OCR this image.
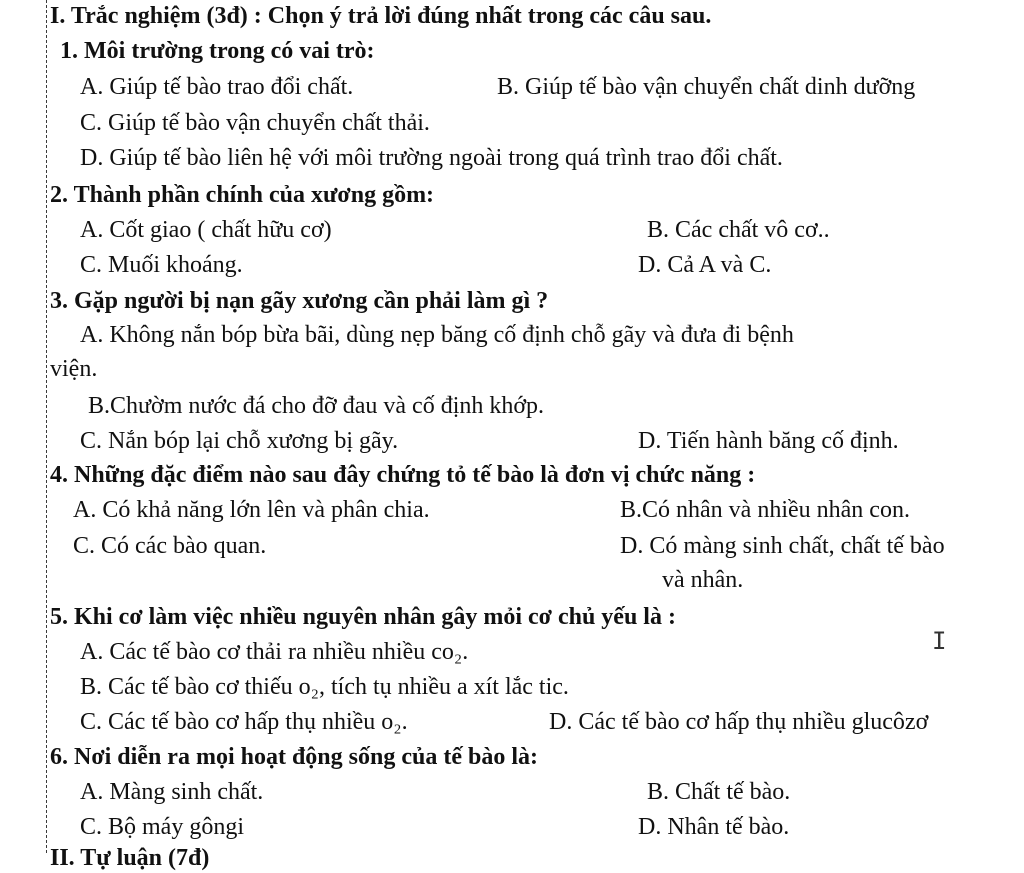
I. Trắc nghiệm (3đ) : Chọn ý trả lời đúng nhất trong các câu sau.
1. Môi trường trong có vai trò:
A. Giúp tế bào trao đổi chất.	B. Giúp tế bào vận chuyển chất dinh dưỡng
C. Giúp tế bào vận chuyển chất thải.
D. Giúp tế bào liên hệ với môi trường ngoài trong quá trình trao đổi chất.
2. Thành phần chính của xương gồm:
A. Cốt giao ( chất hữu cơ)	B. Các chất vô cơ..
C. Muối khoáng.	D. Cả A và C.
3. Gặp người bị nạn gãy xương cần phải làm gì ?
A. Không nắn bóp bừa bãi, dùng nẹp băng cố định chỗ gãy và đưa đi bệnh
viện.
B.Chườm nước đá cho đỡ đau và cố định khớp.
C. Nắn bóp lại chỗ xương bị gãy.	D. Tiến hành băng cố định.
4. Những đặc điểm nào sau đây chứng tỏ tế bào là đơn vị chức năng :
A. Có khả năng lớn lên và phân chia.	B.Có nhân và nhiều nhân con.
C. Có các bào quan.	D. Có màng sinh chất, chất tế bào
và nhân.
5. Khi cơ làm việc nhiều nguyên nhân gây mỏi cơ chủ yếu là :
A. Các tế bào cơ thải ra nhiều nhiều co₂.
B. Các tế bào cơ thiếu o₂, tích tụ nhiều a xít lắc tic.
C. Các tế bào cơ hấp thụ nhiều o₂.	D. Các tế bào cơ hấp thụ nhiều glucôzơ
6. Nơi diễn ra mọi hoạt động sống của tế bào là:
A. Màng sinh chất.	B. Chất tế bào.
C. Bộ máy gôngi	D. Nhân tế bào.
I
II. Tự luận (7đ)
